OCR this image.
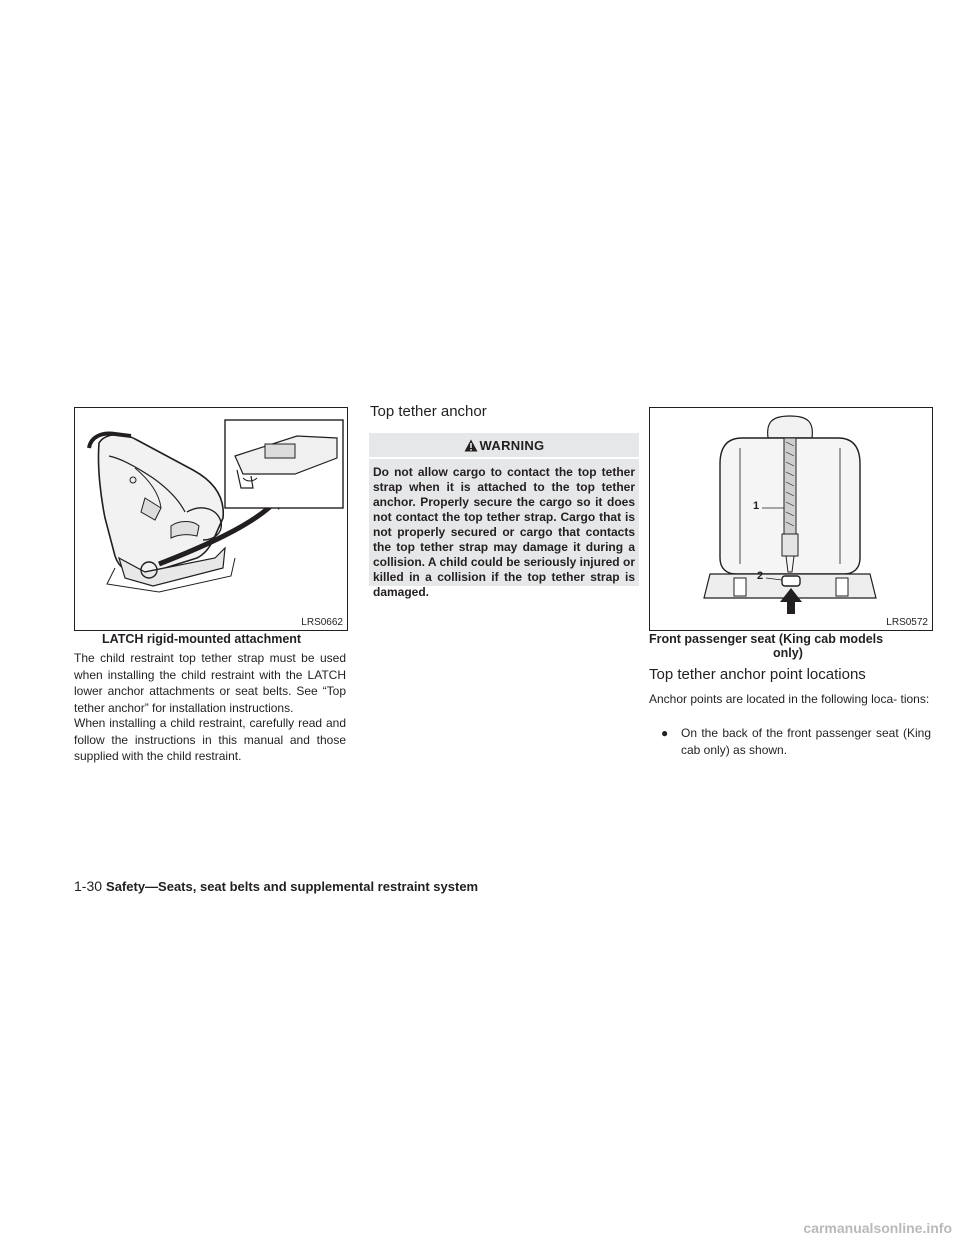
LRS0662
LATCH rigid-mounted attachment

The child restraint top tether strap must be used when installing the child restraint with the LATCH lower anchor attachments or seat belts. See “Top tether anchor” for installation instructions.

When installing a child restraint, carefully read and follow the instructions in this manual and those supplied with the child restraint.

Top tether anchor
WARNING

Do not allow cargo to contact the top tether strap when it is attached to the top tether anchor. Properly secure the cargo so it does not contact the top tether strap. Cargo that is not properly secured or cargo that contacts the top tether strap may damage it during a collision. A child could be seriously injured or killed in a collision if the top tether strap is damaged.

1
2
LRS0572
Front passenger seat (King cab models
only)
Top tether anchor point locations

Anchor points are located in the following loca- tions:

●	On the back of the front passenger seat (King cab only) as shown.
1-30 Safety—Seats, seat belts and supplemental restraint system
carmanualsonline.info
